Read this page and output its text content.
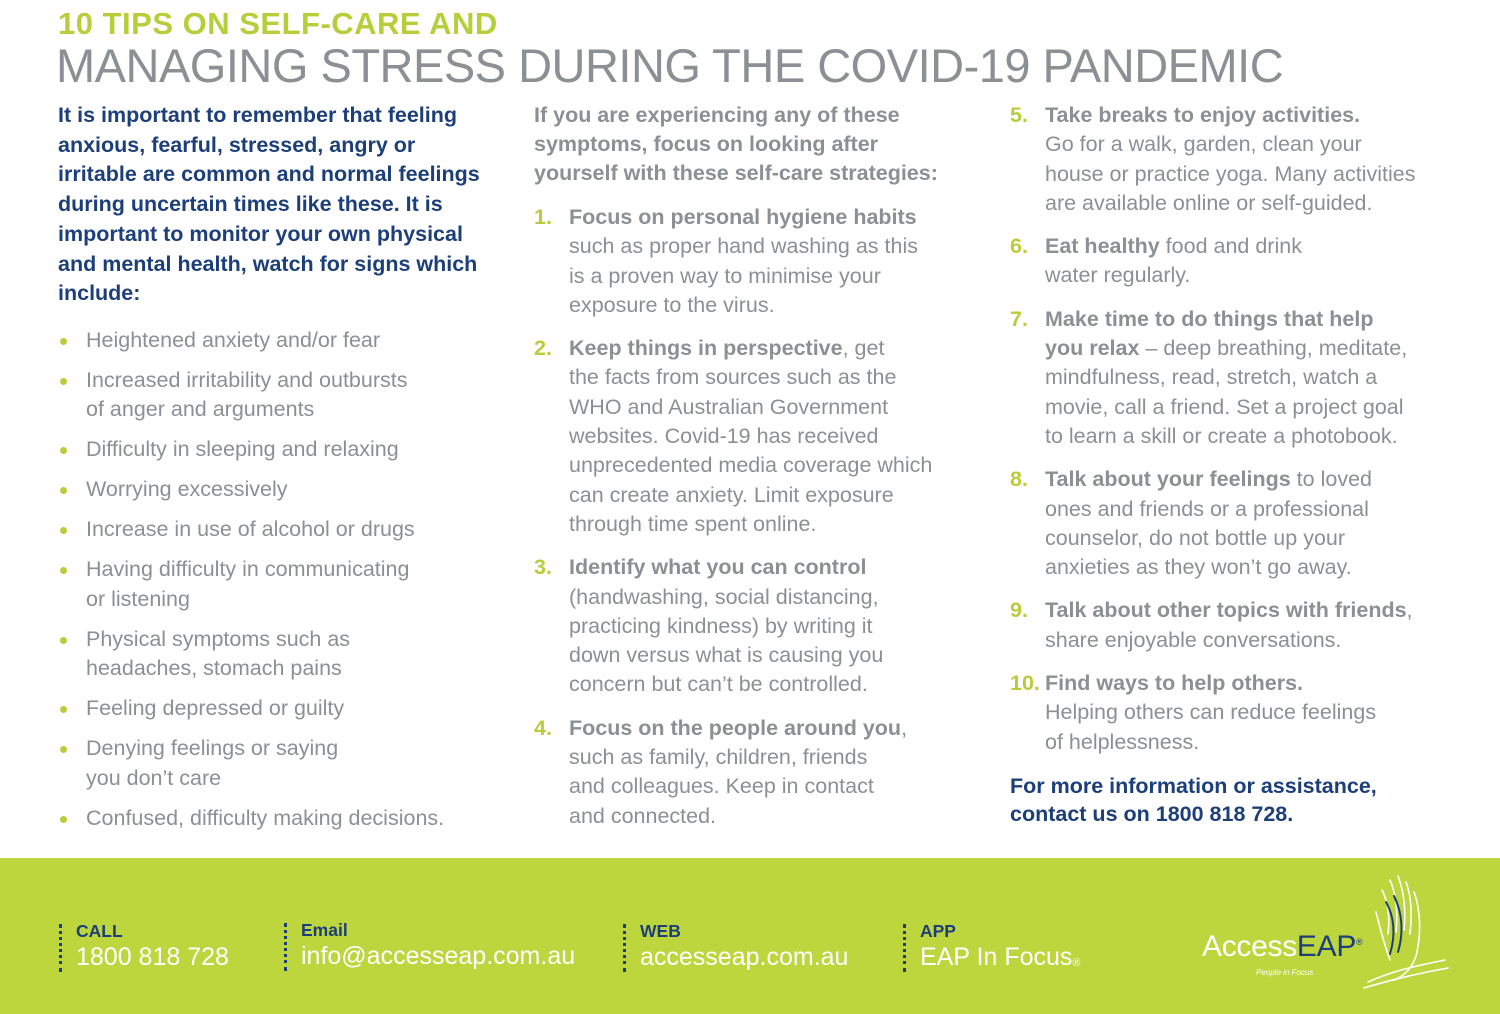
10 TIPS ON SELF-CARE AND
MANAGING STRESS DURING THE COVID-19 PANDEMIC

It is important to remember that feeling anxious, fearful, stressed, angry or irritable are common and normal feelings during uncertain times like these. It is important to monitor your own physical and mental health, watch for signs which include:

Heightened anxiety and/or fear
Increased irritability and outbursts
of anger and arguments
Difficulty in sleeping and relaxing
Worrying excessively
Increase in use of alcohol or drugs
Having difficulty in communicating
or listening
Physical symptoms such as
headaches, stomach pains
Feeling depressed or guilty
Denying feelings or saying
you don’t care
Confused, difficulty making decisions.

If you are experiencing any of these symptoms, focus on looking after yourself with these self-care strategies:

1. Focus on personal hygiene habits
such as proper hand washing as this
is a proven way to minimise your
exposure to the virus.
2. Keep things in perspective, get
the facts from sources such as the
WHO and Australian Government
websites. Covid-19 has received
unprecedented media coverage which
can create anxiety. Limit exposure
through time spent online.
3. Identify what you can control
(handwashing, social distancing,
practicing kindness) by writing it
down versus what is causing you
concern but can’t be controlled.
4. Focus on the people around you,
such as family, children, friends
and colleagues. Keep in contact
and connected.
5. Take breaks to enjoy activities.
Go for a walk, garden, clean your
house or practice yoga. Many activities
are available online or self-guided.
6. Eat healthy food and drink
water regularly.
7. Make time to do things that help
you relax – deep breathing, meditate,
mindfulness, read, stretch, watch a
movie, call a friend. Set a project goal
to learn a skill or create a photobook.
8. Talk about your feelings to loved
ones and friends or a professional
counselor, do not bottle up your
anxieties as they won’t go away.
9. Talk about other topics with friends,
share enjoyable conversations.
10. Find ways to help others.
Helping others can reduce feelings
of helplessness.

For more information or assistance,
contact us on 1800 818 728.

CALL
1800 818 728
Email
info@accesseap.com.au
WEB
accesseap.com.au
APP
EAP In Focus®	AccessEAP®
People in Focus
